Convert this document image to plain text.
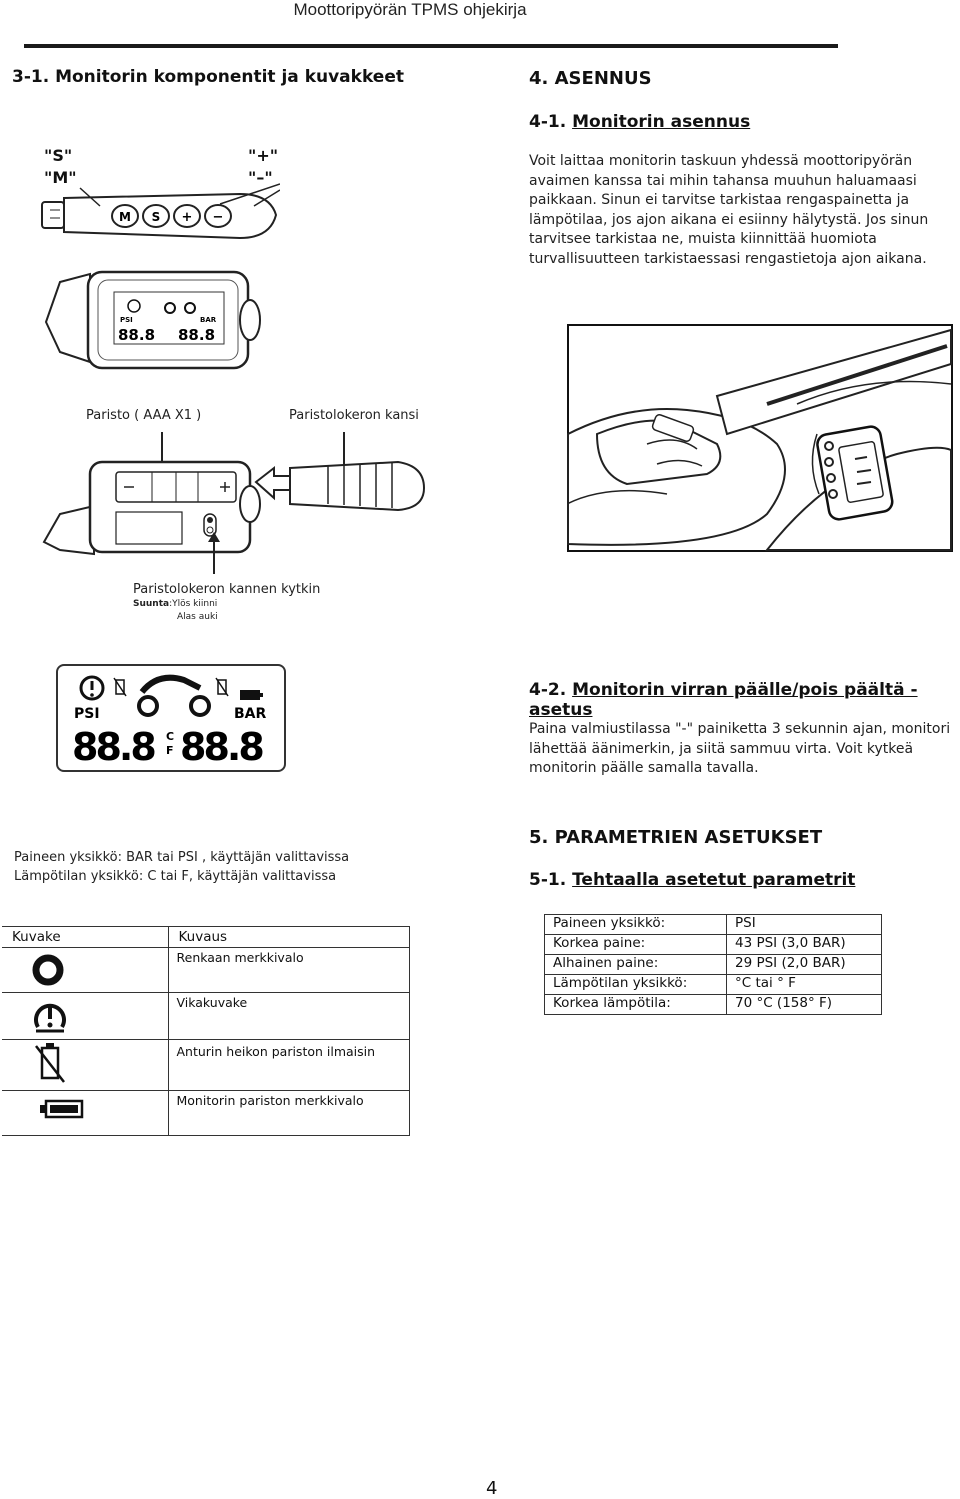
Moottoripyörän TPMS ohjekirja
3-1. Monitorin komponentit ja kuvakkeet
"S"
"M"
"+"
"–"
M S + −
PSI	BAR
88.8 88.8
Paristo ( AAA X1 )	Paristolokeron kansi
Paristolokeron kannen kytkin
Suunta:Ylös kiinni
Alas auki
PSI	BAR
88.8 C
F 88.8
Paineen yksikkö: BAR tai PSI , käyttäjän valittavissa
Lämpötilan yksikkö: C tai F, käyttäjän valittavissa
Kuvake	Kuvaus
	Renkaan merkkivalo
	Vikakuvake
	Anturin heikon pariston ilmaisin
	Monitorin pariston merkkivalo
4. ASENNUS
4-1. Monitorin asennus
Voit laittaa monitorin taskuun yhdessä moottoripyörän avaimen kanssa tai mihin tahansa muuhun haluamaasi paikkaan. Sinun ei tarvitse tarkistaa rengaspainetta ja lämpötilaa, jos ajon aikana ei esiinny hälytystä. Jos sinun tarvitsee tarkistaa ne, muista kiinnittää huomiota turvallisuutteen tarkistaessasi rengastietoja ajon aikana.
4-2. Monitorin virran päälle/pois päältä -asetus
Paina valmiustilassa "-" painiketta 3 sekunnin ajan, monitori lähettää äänimerkin, ja siitä sammuu virta. Voit kytkeä monitorin päälle samalla tavalla.
5. PARAMETRIEN ASETUKSET
5-1. Tehtaalla asetetut parametrit
Paineen yksikkö:	PSI
Korkea paine:	43 PSI (3,0 BAR)
Alhainen paine:	29 PSI (2,0 BAR)
Lämpötilan yksikkö:	°C tai ° F
Korkea lämpötila:	70 °C (158° F)
4
